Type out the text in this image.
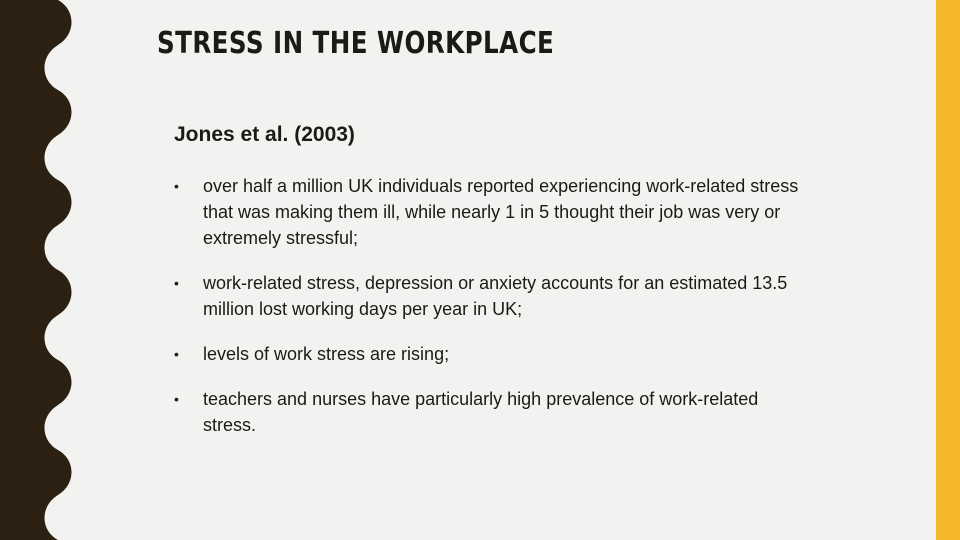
STRESS IN THE WORKPLACE
Jones et al. (2003)
• over half a million UK individuals reported experiencing work-related stress that was making them ill, while nearly 1 in 5 thought their job was very or extremely stressful;
• work-related stress, depression or anxiety accounts for an estimated 13.5 million lost working days per year in UK;
• levels of work stress are rising;
• teachers and nurses have particularly high prevalence of work-related stress.
